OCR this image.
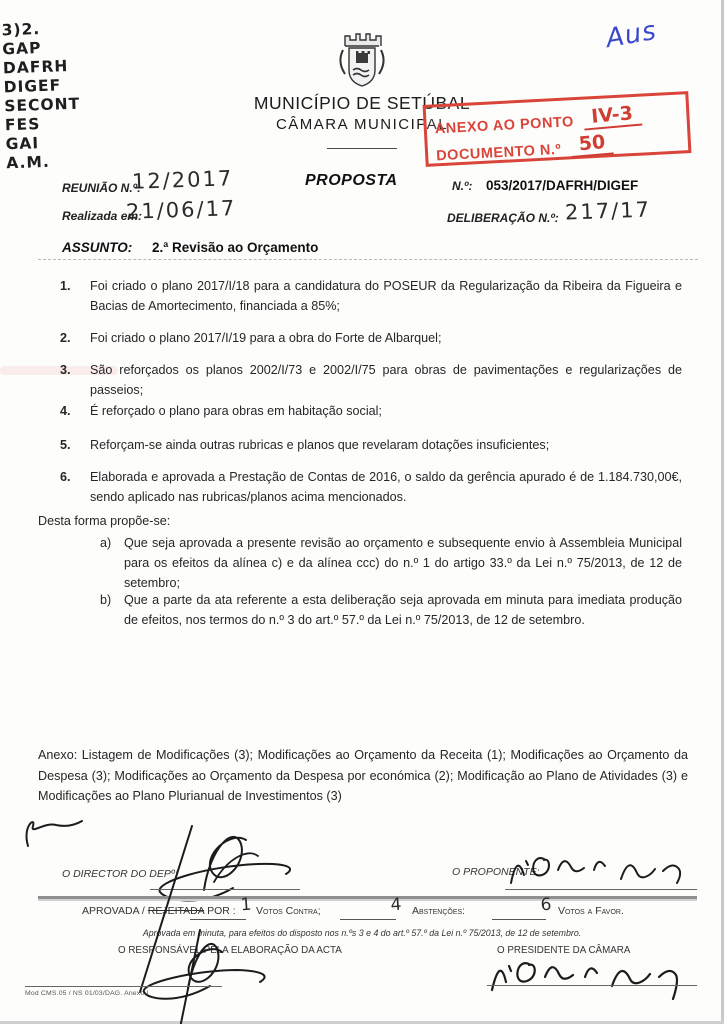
3)2.
GAP
DAFRH
DIGEF
SECONT
FES
GAI
A.M.
Aus
MUNICÍPIO DE SETÚBAL
CÂMARA MUNICIPAL
ANEXO AO PONTO IV-3
DOCUMENTO N.º 50
REUNIÃO N.º:
12/2017	PROPOSTA	N.º: 053/2017/DAFRH/DIGEF
Realizada em:
21/06/17	DELIBERAÇÃO N.º: 217/17
ASSUNTO: 2.ª Revisão ao Orçamento
1.	Foi criado o plano 2017/I/18 para a candidatura do POSEUR da Regularização da Ribeira da Figueira e Bacias de Amortecimento, financiada a 85%;
2.	Foi criado o plano 2017/I/19 para a obra do Forte de Albarquel;
3.	São reforçados os planos 2002/I/73 e 2002/I/75 para obras de pavimentações e regularizações de passeios;
4.	É reforçado o plano para obras em habitação social;
5.	Reforçam-se ainda outras rubricas e planos que revelaram dotações insuficientes;
6.	Elaborada e aprovada a Prestação de Contas de 2016, o saldo da gerência apurado é de 1.184.730,00€, sendo aplicado nas rubricas/planos acima mencionados.
Desta forma propõe-se:
a)	Que seja aprovada a presente revisão ao orçamento e subsequente envio à Assembleia Municipal para os efeitos da alínea c) e da alínea ccc) do n.º 1 do artigo 33.º da Lei n.º 75/2013, de 12 de setembro;
b)	Que a parte da ata referente a esta deliberação seja aprovada em minuta para imediata produção de efeitos, nos termos do n.º 3 do art.º 57.º da Lei n.º 75/2013, de 12 de setembro.
Anexo: Listagem de Modificações (3); Modificações ao Orçamento da Receita (1); Modificações ao Orçamento da Despesa (3); Modificações ao Orçamento da Despesa por económica (2); Modificação ao Plano de Atividades (3) e Modificações ao Plano Plurianual de Investimentos (3)
O DIRECTOR DO DEPº:	O PROPONENTE:
APROVADA / REJEITADA POR : 1 Votos Contra;	4 Abstenções:	6 Votos a Favor.
Aprovada em minuta, para efeitos do disposto nos n.ºs 3 e 4 do art.º 57.º da Lei n.º 75/2013, de 12 de setembro.
O RESPONSÁVEL PELA ELABORAÇÃO DA ACTA	O PRESIDENTE DA CÂMARA
Mod CMS.05 / NS 01/03/DAG. Anexo I
